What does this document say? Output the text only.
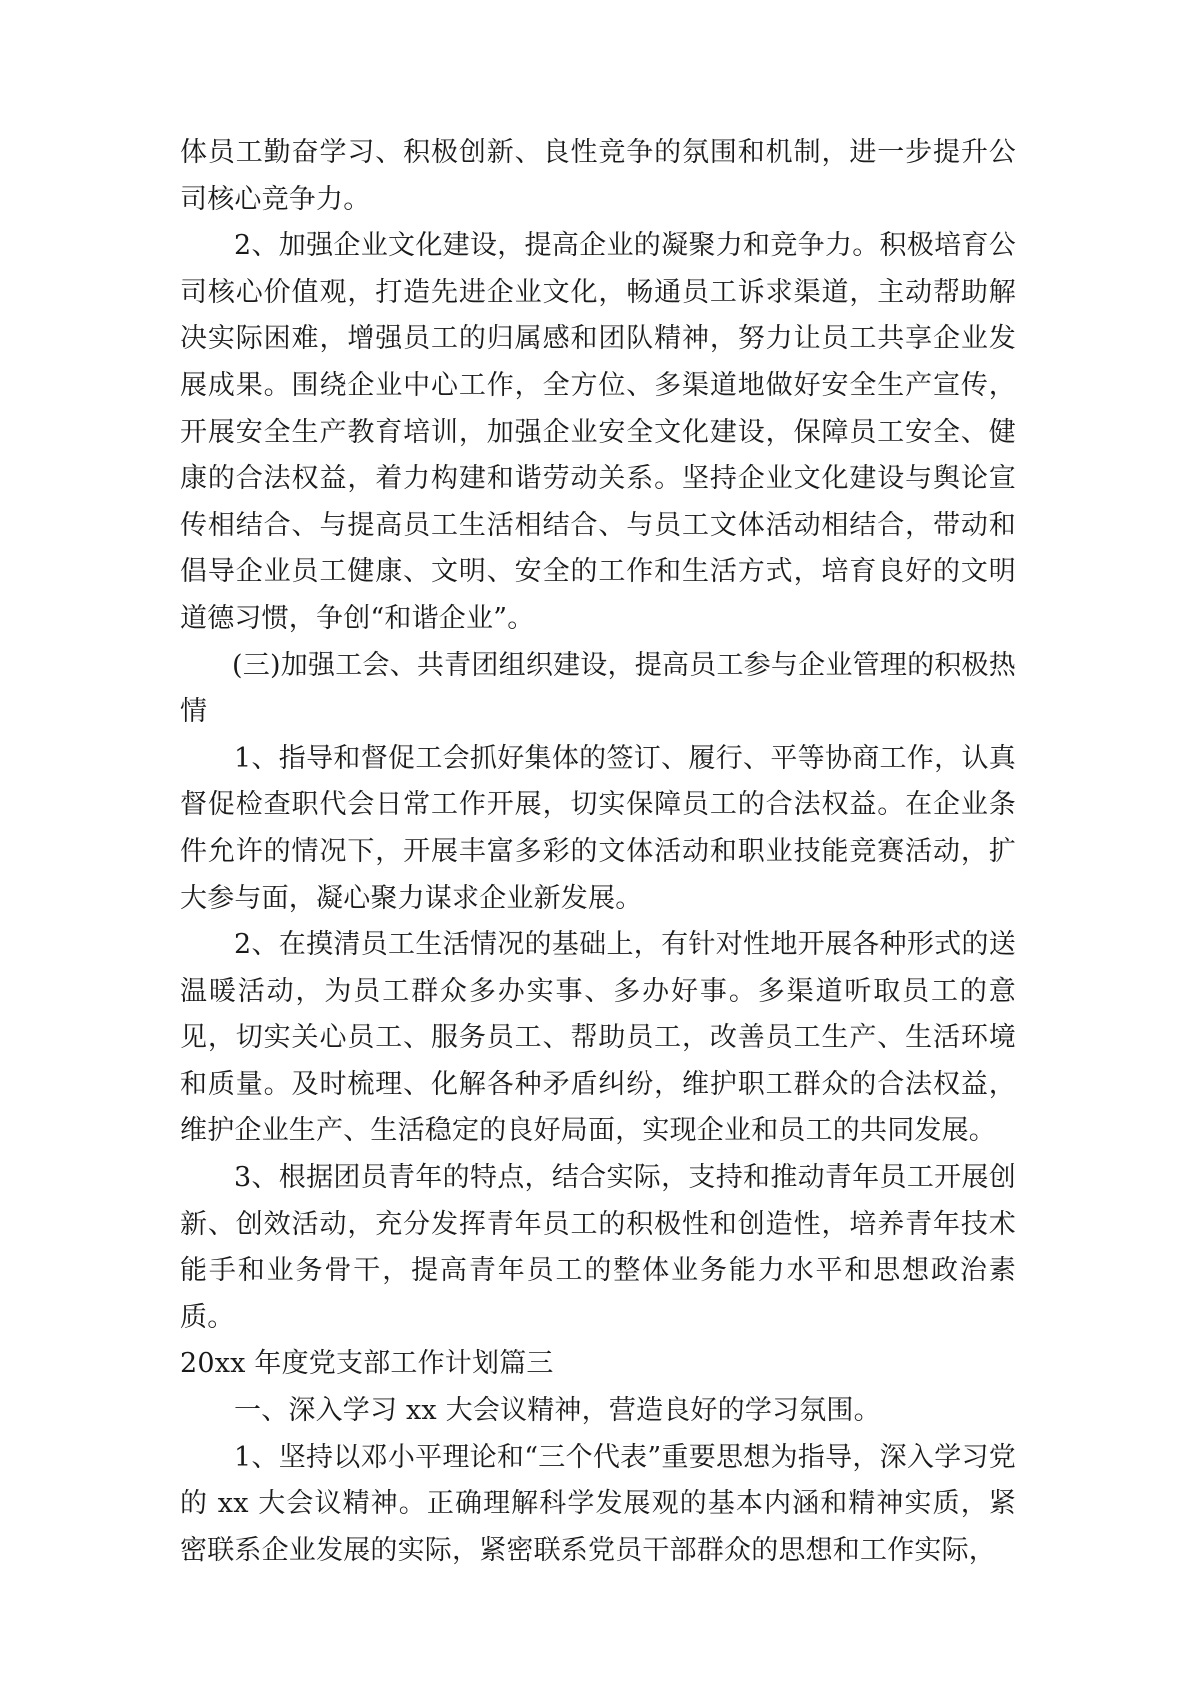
体员工勤奋学习、积极创新、良性竞争的氛围和机制，进一步提升公司核心竞争力。

2、加强企业文化建设，提高企业的凝聚力和竞争力。积极培育公司核心价值观，打造先进企业文化，畅通员工诉求渠道，主动帮助解决实际困难，增强员工的归属感和团队精神，努力让员工共享企业发展成果。围绕企业中心工作，全方位、多渠道地做好安全生产宣传，开展安全生产教育培训，加强企业安全文化建设，保障员工安全、健康的合法权益，着力构建和谐劳动关系。坚持企业文化建设与舆论宣传相结合、与提高员工生活相结合、与员工文体活动相结合，带动和倡导企业员工健康、文明、安全的工作和生活方式，培育良好的文明道德习惯，争创“和谐企业”。

(三)加强工会、共青团组织建设，提高员工参与企业管理的积极热情

1、指导和督促工会抓好集体的签订、履行、平等协商工作，认真督促检查职代会日常工作开展，切实保障员工的合法权益。在企业条件允许的情况下，开展丰富多彩的文体活动和职业技能竞赛活动，扩大参与面，凝心聚力谋求企业新发展。

2、在摸清员工生活情况的基础上，有针对性地开展各种形式的送温暖活动，为员工群众多办实事、多办好事。多渠道听取员工的意见，切实关心员工、服务员工、帮助员工，改善员工生产、生活环境和质量。及时梳理、化解各种矛盾纠纷，维护职工群众的合法权益，维护企业生产、生活稳定的良好局面，实现企业和员工的共同发展。

3、根据团员青年的特点，结合实际，支持和推动青年员工开展创新、创效活动，充分发挥青年员工的积极性和创造性，培养青年技术能手和业务骨干，提高青年员工的整体业务能力水平和思想政治素质。

20xx 年度党支部工作计划篇三

一、深入学习 xx 大会议精神，营造良好的学习氛围。

1、坚持以邓小平理论和“三个代表”重要思想为指导，深入学习党的 xx 大会议精神。正确理解科学发展观的基本内涵和精神实质，紧密联系企业发展的实际，紧密联系党员干部群众的思想和工作实际，
